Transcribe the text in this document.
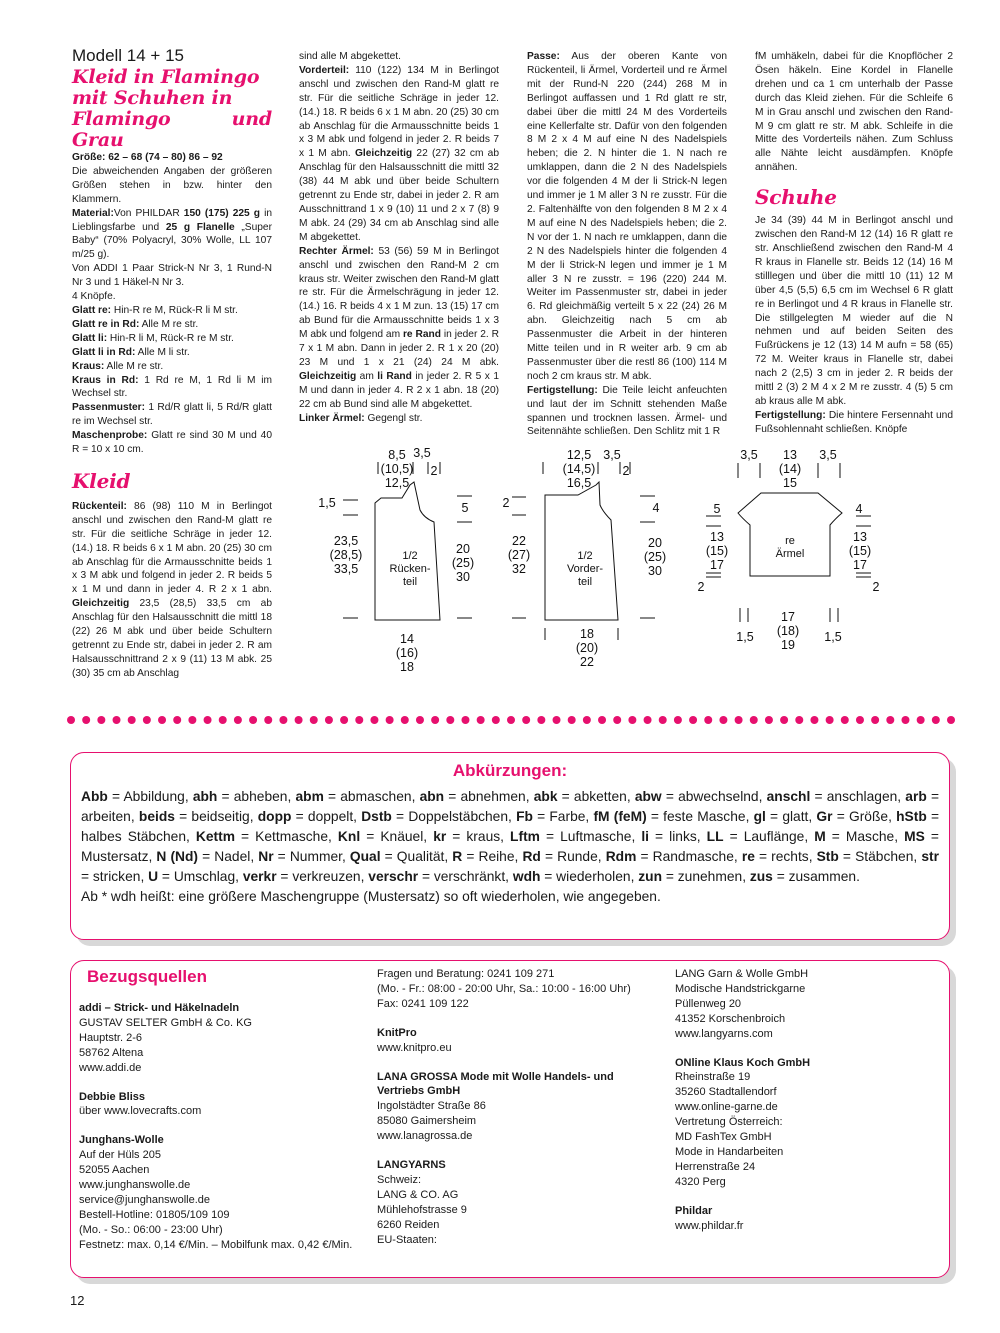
Modell 14 + 15
Kleid in Flamingo
mit Schuhen in
Flamingo und Grau

Größe: 62 – 68 (74 – 80) 86 – 92

Die abweichenden Angaben der größeren Größen stehen in bzw. hinter den Klammern.

Material:Von PHILDAR 150 (175) 225 g in Lieblingsfarbe und 25 g Flanelle „Super Baby“ (70% Polyacryl, 30% Wolle, LL 107 m/25 g).

Von ADDI 1 Paar Strick-N Nr 3, 1 Rund-N Nr 3 und 1 Häkel-N Nr 3.

4 Knöpfe.

Glatt re: Hin-R re M, Rück-R li M str.

Glatt re in Rd: Alle M re str.

Glatt li: Hin-R li M, Rück-R re M str.

Glatt li in Rd: Alle M li str.

Kraus: Alle M re str.

Kraus in Rd: 1 Rd re M, 1 Rd li M im Wechsel str.

Passenmuster: 1 Rd/R glatt li, 5 Rd/R glatt re im Wechsel str.

Maschenprobe: Glatt re sind 30 M und 40 R = 10 x 10 cm.

Kleid

Rückenteil: 86 (98) 110 M in Berlingot anschl und zwischen den Rand-M glatt re str. Für die seitliche Schräge in jeder 12. (14.) 18. R beids 6 x 1 M abn. 20 (25) 30 cm ab Anschlag für die Armausschnitte beids 1 x 3 M abk und folgend in jeder 2. R beids 5 x 1 M und dann in jeder 4. R 2 x 1 abn. Gleichzeitig 23,5 (28,5) 33,5 cm ab Anschlag für den Halsausschnitt die mittl 18 (22) 26 M abk und über beide Schultern getrennt zu Ende str, dabei in jeder 2. R am Halsausschnittrand 2 x 9 (11) 13 M abk. 25 (30) 35 cm ab Anschlag

sind alle M abgekettet.

Vorderteil: 110 (122) 134 M in Berlingot anschl und zwischen den Rand-M glatt re str. Für die seitliche Schräge in jeder 12. (14.) 18. R beids 6 x 1 M abn. 20 (25) 30 cm ab Anschlag für die Armausschnitte beids 1 x 3 M abk und folgend in jeder 2. R beids 7 x 1 M abn. Gleichzeitig 22 (27) 32 cm ab Anschlag für den Halsausschnitt die mittl 32 (38) 44 M abk und über beide Schultern getrennt zu Ende str, dabei in jeder 2. R am Ausschnittrand 1 x 9 (10) 11 und 2 x 7 (8) 9 M abk. 24 (29) 34 cm ab Anschlag sind alle M abgekettet.

Rechter Ärmel: 53 (56) 59 M in Berlingot anschl und zwischen den Rand-M 2 cm kraus str. Weiter zwischen den Rand-M glatt re str. Für die Ärmelschrägung in jeder 12. (14.) 16. R beids 4 x 1 M zun. 13 (15) 17 cm ab Bund für die Armausschnitte beids 1 x 3 M abk und folgend am re Rand in jeder 2. R 7 x 1 M abn. Dann in jeder 2. R 1 x 20 (20) 23 M und 1 x 21 (24) 24 M abk. Gleichzeitig am li Rand in jeder 2. R 5 x 1 M und dann in jeder 4. R 2 x 1 abn. 18 (20) 22 cm ab Bund sind alle M abgekettet.

Linker Ärmel: Gegengl str.

Passe: Aus der oberen Kante von Rückenteil, li Ärmel, Vorderteil und re Ärmel mit der Rund-N 220 (244) 268 M in Berlingot auffassen und 1 Rd glatt re str, dabei über die mittl 24 M des Vorderteils eine Kellerfalte str. Dafür von den folgenden 8 M 2 x 4 M auf eine N des Nadelspiels heben; die 2. N hinter die 1. N nach re umklappen, dann die 2 N des Nadelspiels vor die folgenden 4 M der li Strick-N legen und immer je 1 M aller 3 N re zusstr. Für die 2. Faltenhälfte von den folgenden 8 M 2 x 4 M auf eine N des Nadelspiels heben; die 2. N vor der 1. N nach re umklappen, dann die 2 N des Nadelspiels hinter die folgenden 4 M der li Strick-N legen und immer je 1 M aller 3 N re zusstr. = 196 (220) 244 M. Weiter im Passenmuster str, dabei in jeder 6. Rd gleichmäßig verteilt 5 x 22 (24) 26 M abn. Gleichzeitig nach 5 cm ab Passenmuster die Arbeit in der hinteren Mitte teilen und in R weiter arb. 9 cm ab Passenmuster über die restl 86 (100) 114 M noch 2 cm kraus str. M abk.

Fertigstellung: Die Teile leicht anfeuchten und laut der im Schnitt stehenden Maße spannen und trocknen lassen. Ärmel- und Seitennähte schließen. Den Schlitz mit 1 R

fM umhäkeln, dabei für die Knopflöcher 2 Ösen häkeln. Eine Kordel in Flanelle drehen und ca 1 cm unterhalb der Passe durch das Kleid ziehen. Für die Schleife 6 M in Grau anschl und zwischen den Rand-M 9 cm glatt re str. M abk. Schleife in die Mitte des Vorderteils nähen. Zum Schluss alle Nähte leicht ausdämpfen. Knöpfe annähen.

Schuhe

Je 34 (39) 44 M in Berlingot anschl und zwischen den Rand-M 12 (14) 16 R glatt re str. Anschließend zwischen den Rand-M 4 R kraus in Flanelle str. Beids 12 (14) 16 M stilllegen und über die mittl 10 (11) 12 M über 4,5 (5,5) 6,5 cm im Wechsel 6 R glatt re in Berlingot und 4 R kraus in Flanelle str. Die stillgelegten M wieder auf die N nehmen und auf beiden Seiten des Fußrückens je 12 (13) 14 M aufn = 58 (65) 72 M. Weiter kraus in Flanelle str, dabei nach 2 (2,5) 3 cm in jeder 2. R beids der mittl 2 (3) 2 M 4 x 2 M re zusstr. 4 (5) 5 cm ab kraus alle M abk.

Fertigstellung: Die hintere Fersennaht und Fußsohlennaht schließen. Knöpfe

8,5
(10,5)
12,5
3,5
2
1,5
23,5
(28,5)
33,5
5
20
(25)
30
1/2
Rücken-
teil
14
(16)
18
12,5
(14,5)
16,5
3,5
2
2
22
(27)
32
4
20
(25)
30
1/2
Vorder-
teil
18
(20)
22
3,5	13
(14)
15
3,5
5
13
(15)
17
2
4
13
(15)
17
2
re
Ärmel
17
(18)
19
1,5	1,5
Abkürzungen:

Abb = Abbildung, abh = abheben, abm = abmaschen, abn = abnehmen, abk = abketten, abw = abwechselnd, anschl = anschlagen, arb = arbeiten, beids = beidseitig, dopp = doppelt, Dstb = Doppelstäbchen, Fb = Farbe, fM (feM) = feste Masche, gl = glatt, Gr = Größe, hStb = halbes Stäbchen, Kettm = Kettmasche, Knl = Knäuel, kr = kraus, Lftm = Luftmasche, li = links, LL = Lauflänge, M = Masche, MS = Mustersatz, N (Nd) = Nadel, Nr = Nummer, Qual = Qualität, R = Reihe, Rd = Runde, Rdm = Randmasche, re = rechts, Stb = Stäbchen, str = stricken, U = Umschlag, verkr = verkreuzen, verschr = verschränkt, wdh = wiederholen, zun = zunehmen, zus = zusammen.

Ab * wdh heißt: eine größere Maschengruppe (Mustersatz) so oft wiederholen, wie angegeben.

Bezugsquellen

addi – Strick- und Häkelnadeln

GUSTAV SELTER GmbH & Co. KG

Hauptstr. 2-6

58762 Altena

www.addi.de

Debbie Bliss

über www.lovecrafts.com

Junghans-Wolle

Auf der Hüls 205

52055 Aachen

www.junghanswolle.de

service@junghanswolle.de

Bestell-Hotline: 01805/109 109

(Mo. - So.: 06:00 - 23:00 Uhr)

Festnetz: max. 0,14 €/Min. – Mobilfunk max. 0,42 €/Min.

Fragen und Beratung: 0241 109 271

(Mo. - Fr.: 08:00 - 20:00 Uhr, Sa.: 10:00 - 16:00 Uhr)

Fax: 0241 109 122

KnitPro

www.knitpro.eu

LANA GROSSA Mode mit Wolle Handels- und

Vertriebs GmbH

Ingolstädter Straße 86

85080 Gaimersheim

www.lanagrossa.de

LANGYARNS

Schweiz:

LANG & CO. AG

Mühlehofstrasse 9

6260 Reiden

EU-Staaten:

LANG Garn & Wolle GmbH

Modische Handstrickgarne

Püllenweg 20

41352 Korschenbroich

www.langyarns.com

ONline Klaus Koch GmbH

Rheinstraße 19

35260 Stadtallendorf

www.online-garne.de

Vertretung Österreich:

MD FashTex GmbH

Mode in Handarbeiten

Herrenstraße 24

4320 Perg

Phildar

www.phildar.fr

12
